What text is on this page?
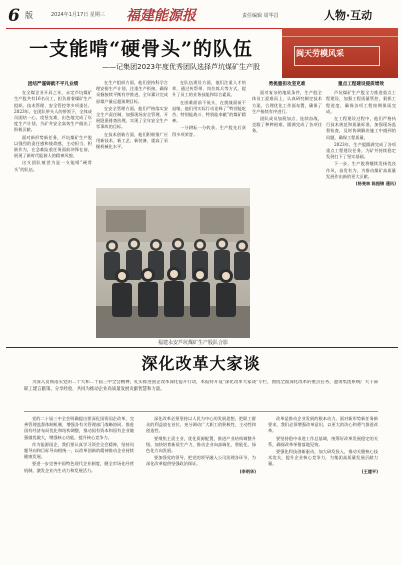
6 版	2024年1月17日 星期三 福建能源报	责任编辑 周华昌	人物·互动
一支能啃“硬骨头”的队伍
——记集团2023年度优秀团队选择芦坑煤矿生产股
闽天劳模风采
团结严谨铸就不平凡业绩

在全煤企业开局之年，永定芦坑煤矿生产股共有16名员工，担负着着煤矿生产组织、技术管理、安全管控等多项重任。2023年，在团队带头人的带领下，全体成员团结一心、攻坚克难，出色地完成了年度生产计划，为矿井安全高效生产做出了积极贡献。

面对新形势新任务，芦坑煤矿生产股以强烈的责任感和使命感，主动担当、积极作为，在急难险重任务面前冲锋在前，展现了新时代能源人的精神风貌。

这支团队被誉为是一支能啃“硬骨头”的队伍。

在生产组织方面，他们坚持科学合理安排生产计划，注重生产衔接，确保采掘接续平衡有序推进，全年累计完成原煤产量远超预期目标。

在安全管理方面，他们严格落实安全生产责任制，加强现场安全管理，开展隐患排查治理，实现了全年安全生产零事故的目标。

在技术创新方面，他们积极推广应用新技术、新工艺、新装备，提高了采掘机械化水平。

在队伍建设方面，他们注重人才培养，通过传帮带、岗位练兵等方式，提升了员工的业务技能和综合素质。

在困难面前不低头，在挑战面前不退缩，他们用实际行动诠释了“特别能吃苦、特别能战斗、特别能奉献”的煤矿精神。

一分耕耘一分收获，生产股先后获得多项荣誉。

勇挑重担攻坚克难

面对复杂的地质条件，生产股全体员工迎难而上，认真研究制定技术方案，合理优化工作面布置，确保了生产接续有序进行。

团队成员加班加点、连续奋战，克服了种种困难，圆满完成了各项任务。

重点工程建设提质增效

芦坑煤矿生产股全力推进重点工程建设，加强工程质量管控，狠抓工程进度，确保各项工程按期保质完成。

在工程建设过程中，他们严格执行技术规范和质量标准，加强现场监督检查，及时协调解决施工中遇到的问题，确保工程质量。

2023年，生产股圆满完成了各项重点工程建设任务，为矿井持续稳定发展打下了坚实基础。

下一步，生产股将继续发扬优良作风，奋发有为，为推动煤矿高质量发展作出新的更大贡献。

(杨亮林 陈振锦 通讯)
福建永安芦坑煤矿生产股队合影
深化改革大家谈
为深入贯彻落实党的二十大和二十届三中全会精神，扎实推进国企改革深化提升行动，本报特开设“深化改革大家谈”专栏，围绕全面深化改革的重点任务，邀请集团系统广大干部职工建言献策、分享经验，共同为推动企业高质量发展贡献智慧和力量。

党的二十届三中全会明确提出要深化国资国企改革，完善管理监督体制机制，增强各有关管理部门战略协同，推进国有经济布局优化和结构调整，推动国有资本和国有企业做强做优做大，增强核心功能，提升核心竞争力。

作为能源国企，我们要认真学习领会全会精神，坚持问题导向和目标导向相统一，以改革创新的精神推动企业持续健康发展。

要进一步完善中国特色现代企业制度，健全市场化经营机制，激发企业内生动力和发展活力。

深化改革必须坚持以人民为中心的发展思想，把职工群众的利益放在首位，充分调动广大职工的积极性、主动性和创造性。

要聚焦主责主业，优化资源配置，推进产业结构调整升级，加快培育新质生产力，推动企业向高端化、智能化、绿色化方向发展。

要加强党的领导，把党的领导融入公司治理各环节，为深化改革提供坚强政治保证。

(李明华)

改革是推动企业发展的根本动力。面对新形势新任务新要求，我们必须增强改革意识，以更大的决心和勇气推进改革。

要坚持稳中求进工作总基调，统筹好改革发展稳定的关系，确保改革举措落地见效。

要强化科技创新驱动，加大研发投入，推动关键核心技术攻关，提升企业核心竞争力，为集团高质量发展贡献力量。

(王建平)
